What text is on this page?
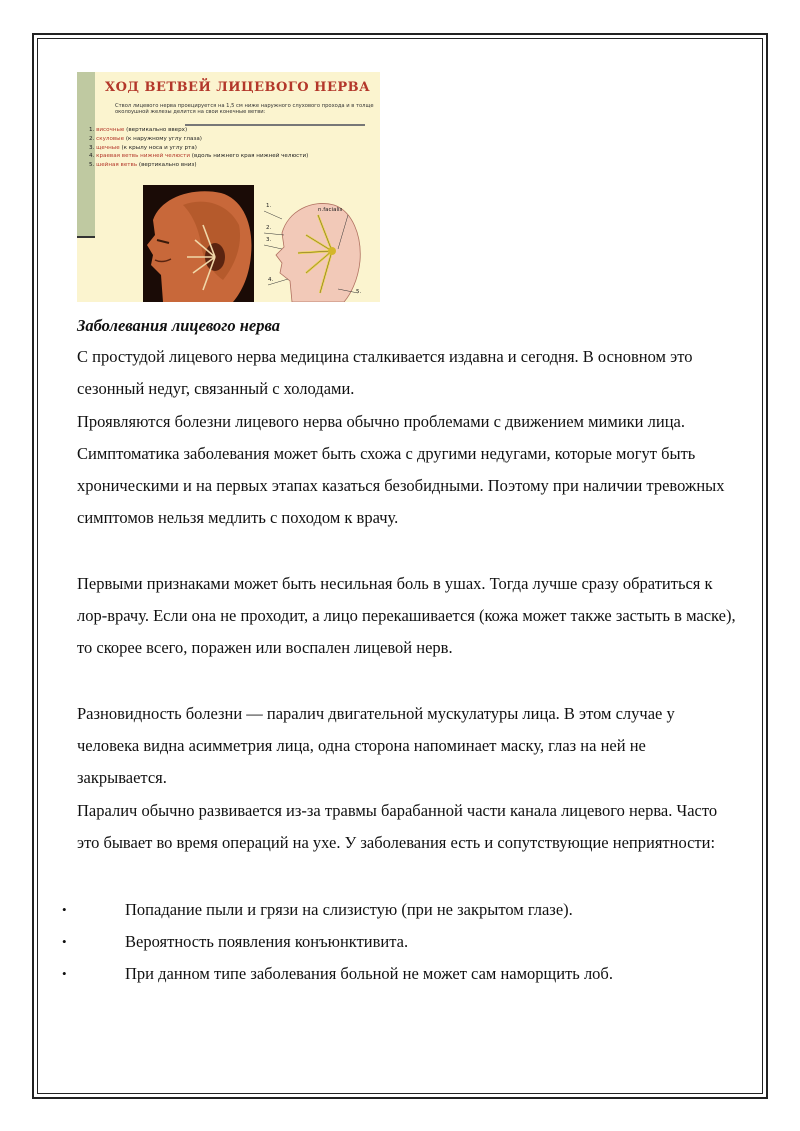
ХОД ВЕТВЕЙ ЛИЦЕВОГО НЕРВА
Ствол лицевого нерва проецируется на 1,5 см ниже наружного слухового прохода и в толще околоушной железы делится на свои конечные ветви:
1. височные (вертикально вверх)
2. скуловые (к наружному углу глаза)
3. щечные (к крылу носа и углу рта)
4. краевая ветвь нижней челюсти (вдоль нижнего края нижней челюсти)
5. шейная ветвь (вертикально вниз)
1.
2.
3.
4.
5.
n.facialis
Заболевания лицевого нерва

С простудой лицевого нерва медицина сталкивается издавна и сегодня. В основном это сезонный недуг, связанный с холодами.

Проявляются болезни лицевого нерва обычно проблемами с движением мимики лица. Симптоматика заболевания может быть схожа с другими недугами, которые могут быть хроническими и на первых этапах казаться безобидными. Поэтому при наличии тревожных симптомов нельзя медлить с походом к врачу.

Первыми признаками может быть несильная боль в ушах. Тогда лучше сразу обратиться к лор-врачу. Если она не проходит, а лицо перекашивается (кожа может также застыть в маске), то скорее всего, поражен или воспален лицевой нерв.

Разновидность болезни — паралич двигательной мускулатуры лица. В этом случае у человека видна асимметрия лица, одна сторона напоминает маску, глаз на ней не закрывается.

Паралич обычно развивается из-за травмы барабанной части канала лицевого нерва. Часто это бывает во время операций на ухе. У заболевания есть и сопутствующие неприятности:

•	Попадание пыли и грязи на слизистую (при не закрытом глазе).
•	Вероятность появления конъюнктивита.
•	При данном типе заболевания больной не может сам наморщить лоб.
